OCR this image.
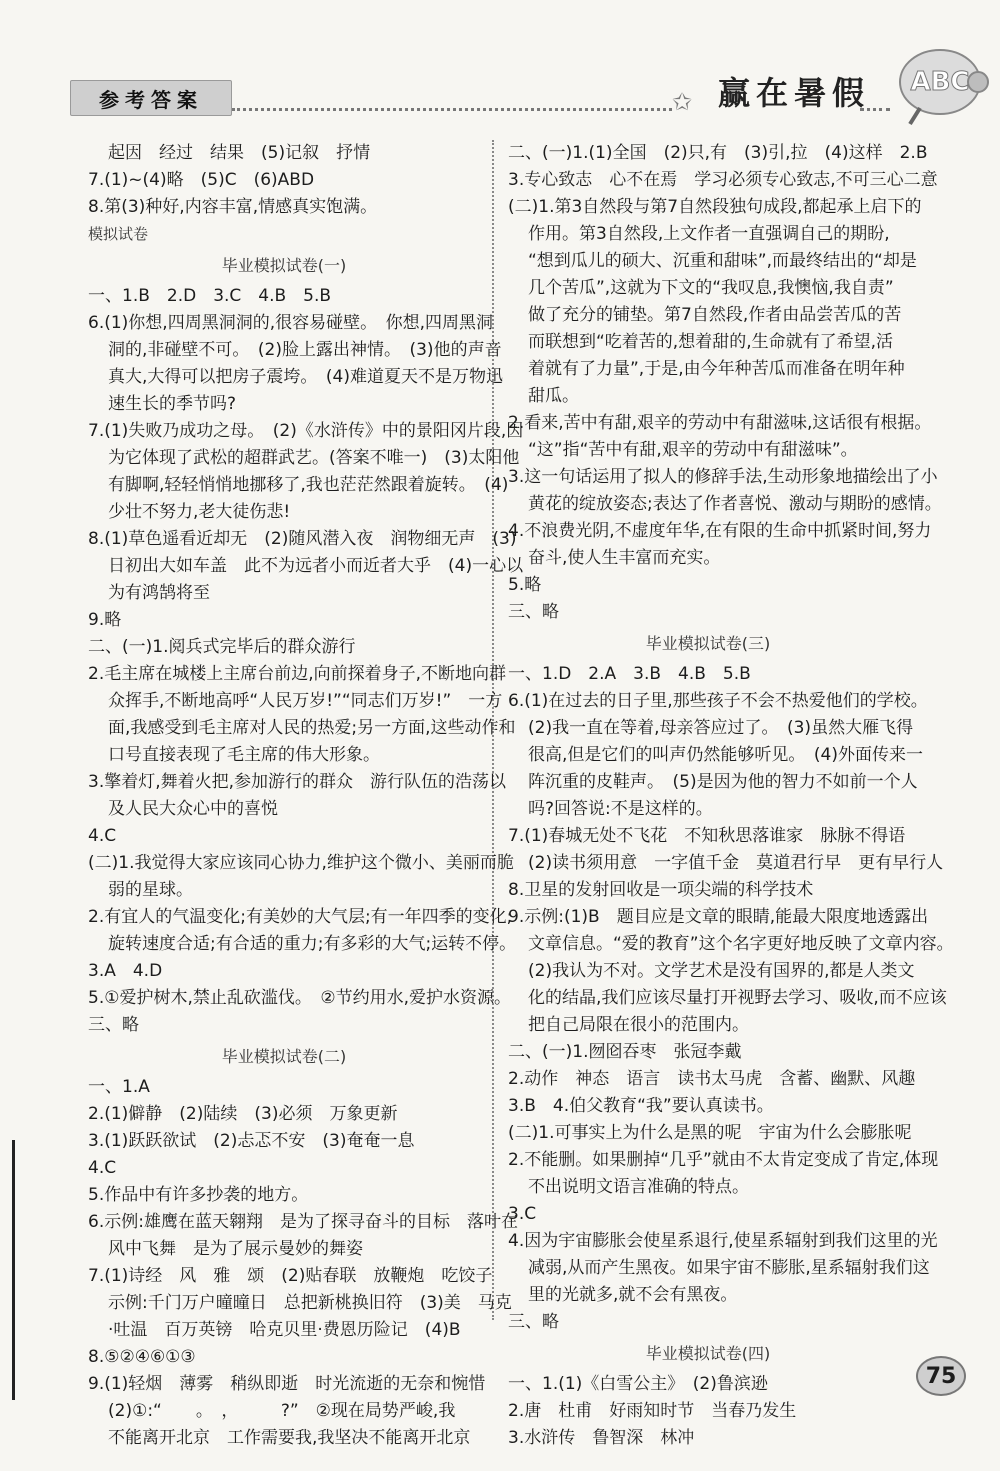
参考答案	✩ 赢在暑假 ABC
起因　经过　结果　(5)记叙　抒情
7.(1)~(4)略　(5)C　(6)ABD
8.第(3)种好,内容丰富,情感真实饱满。
模拟试卷
毕业模拟试卷(一)
一、1.B　2.D　3.C　4.B　5.B
6.(1)你想,四周黑洞洞的,很容易碰壁。　你想,四周黑洞
洞的,非碰壁不可。　(2)脸上露出神情。　(3)他的声音
真大,大得可以把房子震垮。　(4)难道夏天不是万物迅
速生长的季节吗?
7.(1)失败乃成功之母。　(2)《水浒传》中的景阳冈片段,因
为它体现了武松的超群武艺。(答案不唯一)　(3)太阳他
有脚啊,轻轻悄悄地挪移了,我也茫茫然跟着旋转。　(4)
少壮不努力,老大徒伤悲!
8.(1)草色遥看近却无　(2)随风潜入夜　润物细无声　(3)
日初出大如车盖　此不为远者小而近者大乎　(4)一心以
为有鸿鹄将至
9.略
二、(一)1.阅兵式完毕后的群众游行
2.毛主席在城楼上主席台前边,向前探着身子,不断地向群
众挥手,不断地高呼“人民万岁!”“同志们万岁!”　一方
面,我感受到毛主席对人民的热爱;另一方面,这些动作和
口号直接表现了毛主席的伟大形象。
3.擎着灯,舞着火把,参加游行的群众　游行队伍的浩荡以
及人民大众心中的喜悦
4.C
(二)1.我觉得大家应该同心协力,维护这个微小、美丽而脆
弱的星球。
2.有宜人的气温变化;有美妙的大气层;有一年四季的变化;
旋转速度合适;有合适的重力;有多彩的大气;运转不停。
3.A　4.D
5.①爱护树木,禁止乱砍滥伐。　②节约用水,爱护水资源。
三、略
毕业模拟试卷(二)
一、1.A
2.(1)僻静　(2)陆续　(3)必须　万象更新
3.(1)跃跃欲试　(2)忐忑不安　(3)奄奄一息
4.C
5.作品中有许多抄袭的地方。
6.示例:雄鹰在蓝天翱翔　是为了探寻奋斗的目标　落叶在
风中飞舞　是为了展示曼妙的舞姿
7.(1)诗经　风　雅　颂　(2)贴春联　放鞭炮　吃饺子
示例:千门万户曈曈日　总把新桃换旧符　(3)美　马克
·吐温　百万英镑　哈克贝里·费恩历险记　(4)B
8.⑤②④⑥①③
9.(1)轻烟　薄雾　稍纵即逝　时光流逝的无奈和惋惜
(2)①:“　　。　，　　　?”　②现在局势严峻,我
不能离开北京　工作需要我,我坚决不能离开北京
二、(一)1.(1)全国　(2)只,有　(3)引,拉　(4)这样　2.B
3.专心致志　心不在焉　学习必须专心致志,不可三心二意
(二)1.第3自然段与第7自然段独句成段,都起承上启下的
作用。第3自然段,上文作者一直强调自己的期盼,
“想到瓜儿的硕大、沉重和甜味”,而最终结出的“却是
几个苦瓜”,这就为下文的“我叹息,我懊恼,我自责”
做了充分的铺垫。第7自然段,作者由品尝苦瓜的苦
而联想到“吃着苦的,想着甜的,生命就有了希望,活
着就有了力量”,于是,由今年种苦瓜而准备在明年种
甜瓜。
2.看来,苦中有甜,艰辛的劳动中有甜滋味,这话很有根据。
“这”指“苦中有甜,艰辛的劳动中有甜滋味”。
3.这一句话运用了拟人的修辞手法,生动形象地描绘出了小
黄花的绽放姿态;表达了作者喜悦、激动与期盼的感情。
4.不浪费光阴,不虚度年华,在有限的生命中抓紧时间,努力
奋斗,使人生丰富而充实。
5.略
三、略
毕业模拟试卷(三)
一、1.D　2.A　3.B　4.B　5.B
6.(1)在过去的日子里,那些孩子不会不热爱他们的学校。
(2)我一直在等着,母亲答应过了。　(3)虽然大雁飞得
很高,但是它们的叫声仍然能够听见。　(4)外面传来一
阵沉重的皮鞋声。　(5)是因为他的智力不如前一个人
吗?回答说:不是这样的。
7.(1)春城无处不飞花　不知秋思落谁家　脉脉不得语
(2)读书须用意　一字值千金　莫道君行早　更有早行人
8.卫星的发射回收是一项尖端的科学技术
9.示例:(1)B　题目应是文章的眼睛,能最大限度地透露出
文章信息。“爱的教育”这个名字更好地反映了文章内容。
(2)我认为不对。文学艺术是没有国界的,都是人类文
化的结晶,我们应该尽量打开视野去学习、吸收,而不应该
把自己局限在很小的范围内。
二、(一)1.囫囵吞枣　张冠李戴
2.动作　神态　语言　读书太马虎　含蓄、幽默、风趣
3.B　4.伯父教育“我”要认真读书。
(二)1.可事实上为什么是黑的呢　宇宙为什么会膨胀呢
2.不能删。如果删掉“几乎”就由不太肯定变成了肯定,体现
不出说明文语言准确的特点。
3.C
4.因为宇宙膨胀会使星系退行,使星系辐射到我们这里的光
减弱,从而产生黑夜。如果宇宙不膨胀,星系辐射我们这
里的光就多,就不会有黑夜。
三、略
毕业模拟试卷(四)
一、1.(1)《白雪公主》　(2)鲁滨逊
2.唐　杜甫　好雨知时节　当春乃发生
3.水浒传　鲁智深　林冲
75
